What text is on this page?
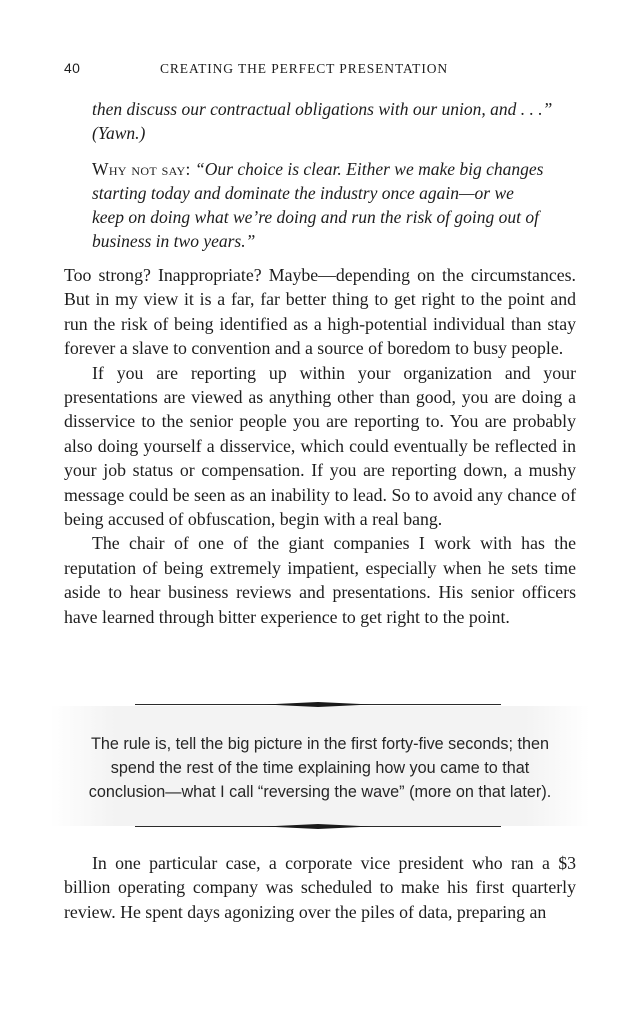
40	CREATING THE PERFECT PRESENTATION
then discuss our contractual obligations with our union, and . . .”
(Yawn.)
Why not say: “Our choice is clear. Either we make big changes
starting today and dominate the industry once again—or we
keep on doing what we’re doing and run the risk of going out of
business in two years.”

Too strong? Inappropriate? Maybe—depending on the circumstances. But in my view it is a far, far better thing to get right to the point and run the risk of being identified as a high-potential individual than stay forever a slave to convention and a source of boredom to busy people.

If you are reporting up within your organization and your presentations are viewed as anything other than good, you are doing a disservice to the senior people you are reporting to. You are probably also doing yourself a disservice, which could eventually be reflected in your job status or compensation. If you are reporting down, a mushy message could be seen as an inability to lead. So to avoid any chance of being accused of obfuscation, begin with a real bang.

The chair of one of the giant companies I work with has the reputation of being extremely impatient, especially when he sets time aside to hear business reviews and presentations. His senior officers have learned through bitter experience to get right to the point.

The rule is, tell the big picture in the first forty-five seconds; then
spend the rest of the time explaining how you came to that
conclusion—what I call “reversing the wave” (more on that later).

In one particular case, a corporate vice president who ran a $3 billion operating company was scheduled to make his first quarterly review. He spent days agonizing over the piles of data, preparing an
